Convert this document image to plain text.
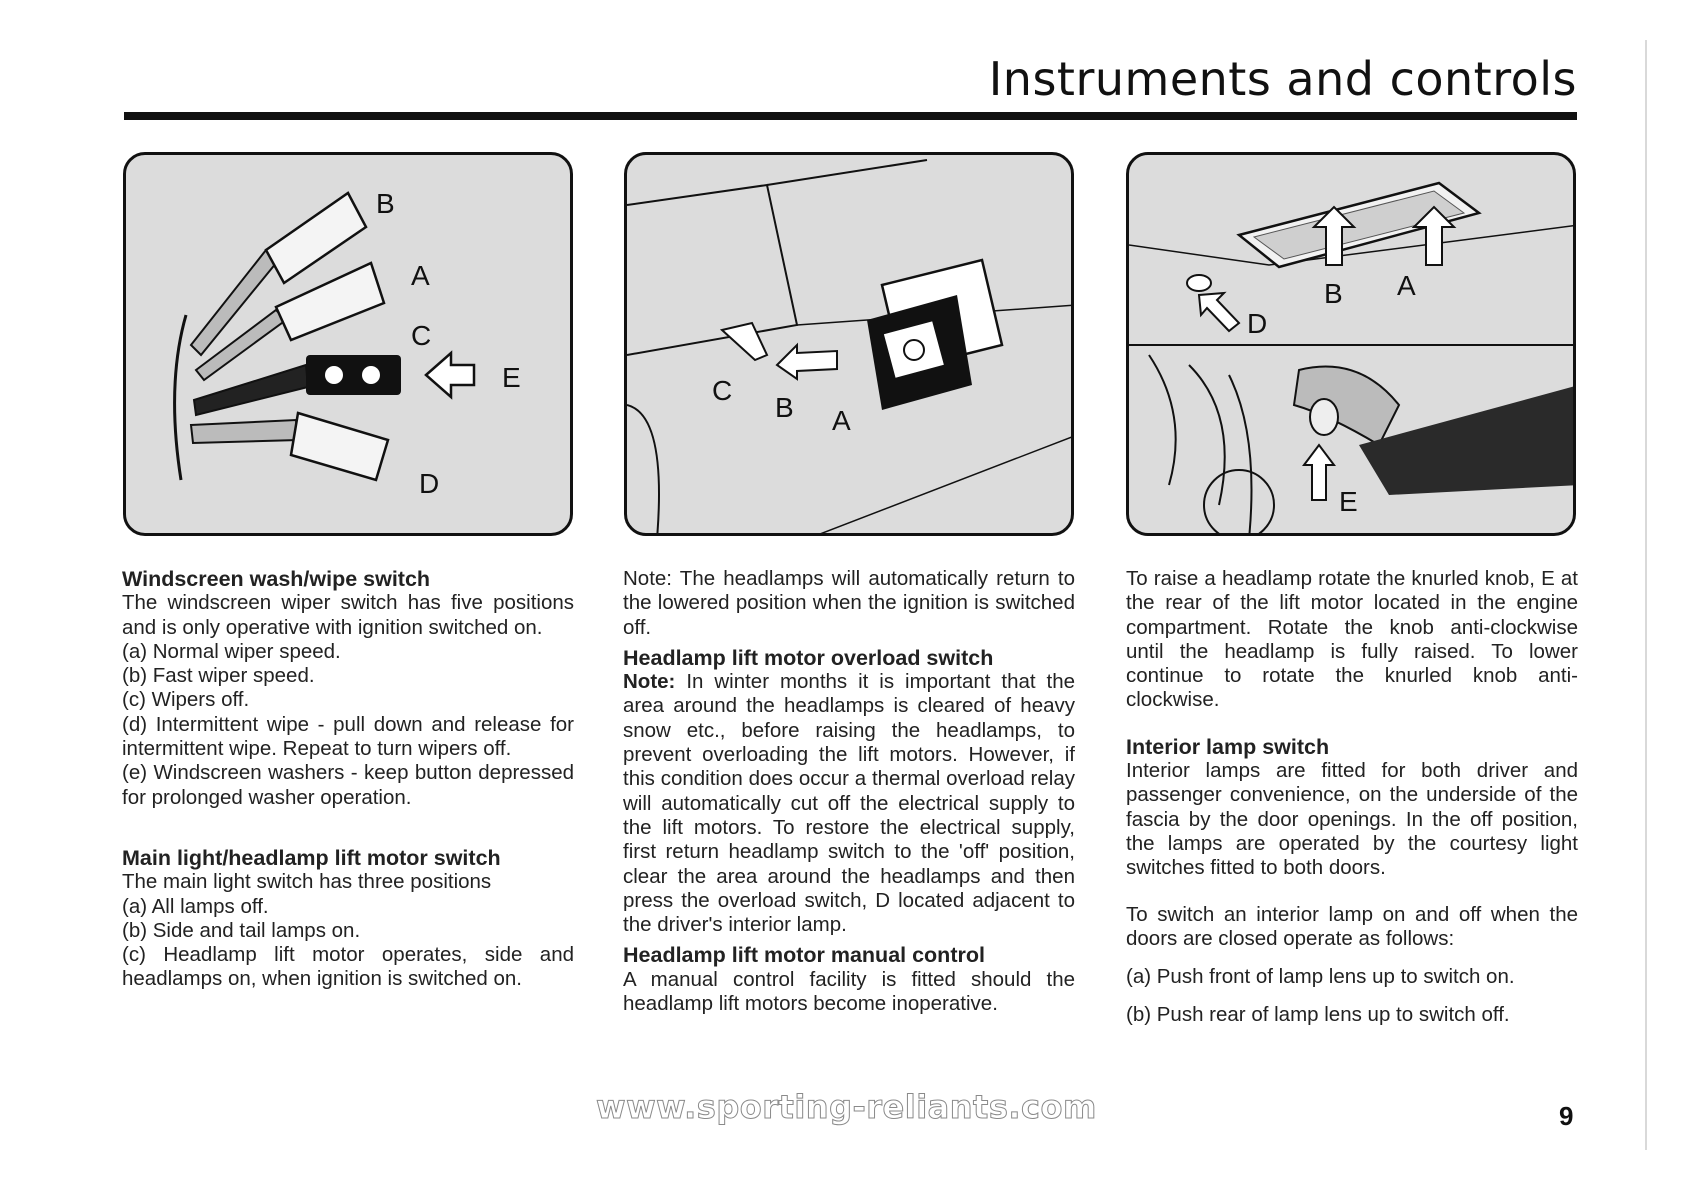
Instruments and controls
B
A
C
E
D
C
B A
B A
D
E

Windscreen wash/wipe switch

The windscreen wiper switch has five positions and is only operative with ignition switched on.

(a) Normal wiper speed.

(b) Fast wiper speed.

(c) Wipers off.

(d) Intermittent wipe - pull down and release for intermittent wipe. Repeat to turn wipers off.

(e) Windscreen washers - keep button depressed for prolonged washer operation.

Main light/headlamp lift motor switch

The main light switch has three positions

(a) All lamps off.

(b) Side and tail lamps on.

(c) Headlamp lift motor operates, side and headlamps on, when ignition is switched on.

Note: The headlamps will automatically return to the lowered position when the ignition is switched off.

Headlamp lift motor overload switch

Note: In winter months it is important that the area around the headlamps is cleared of heavy snow etc., before raising the headlamps, to prevent overloading the lift motors. However, if this condition does occur a thermal overload relay will automatically cut off the electrical supply to the lift motors. To restore the electrical supply, first return headlamp switch to the 'off' position, clear the area around the headlamps and then press the overload switch, D located adjacent to the driver's interior lamp.

Headlamp lift motor manual control

A manual control facility is fitted should the headlamp lift motors become inoperative.

To raise a headlamp rotate the knurled knob, E at the rear of the lift motor located in the engine compartment. Rotate the knob anti-clockwise until the headlamp is fully raised. To lower continue to rotate the knurled knob anti-clockwise.

Interior lamp switch

Interior lamps are fitted for both driver and passenger convenience, on the underside of the fascia by the door openings. In the off position, the lamps are operated by the courtesy light switches fitted to both doors.

To switch an interior lamp on and off when the doors are closed operate as follows:

(a) Push front of lamp lens up to switch on.

(b) Push rear of lamp lens up to switch off.

www.sporting-reliants.com	9
